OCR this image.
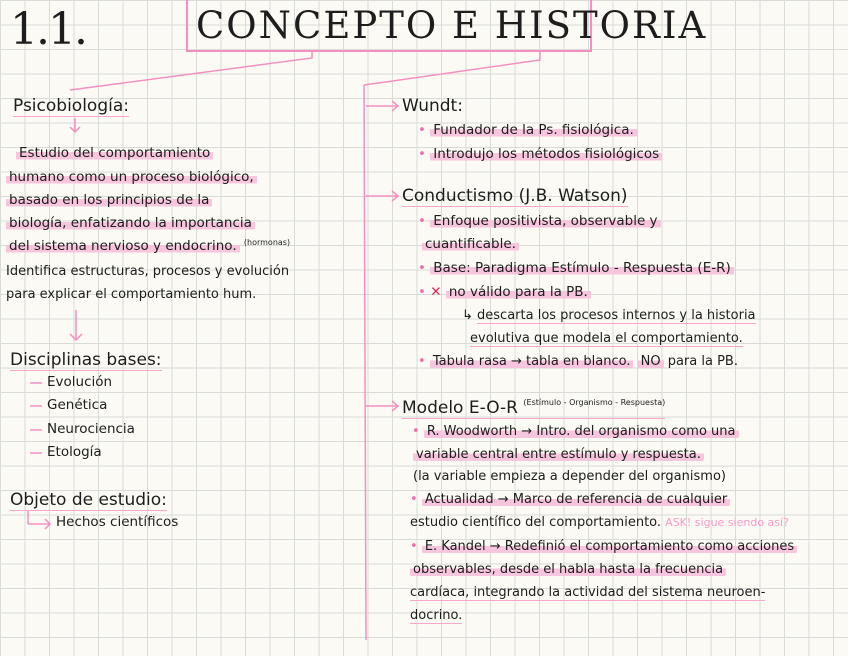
1.1.	CONCEPTO E HISTORIA
Psicobiología:
Estudio del comportamiento
humano como un proceso biológico,
basado en los principios de la
biología, enfatizando la importancia
del sistema nervioso y endocrino. $^{(hormonas)}$
Identifica estructuras, procesos y evolución
para explicar el comportamiento hum.
Disciplinas bases:
Evolución
Genética
Neurociencia
Etología
Objeto de estudio:
Hechos científicos
Wundt:
• Fundador de la Ps. fisiológica.
• Introdujo los métodos fisiológicos
Conductismo (J.B. Watson)
• Enfoque positivista, observable y
cuantificable.
• Base: Paradigma Estímulo - Respuesta (E-R)
• ✕ no válido para la PB.
↳ descarta los procesos internos y la historia
evolutiva que modela el comportamiento.
• Tabula rasa → tabla en blanco. NO para la PB.
Modelo E-O-R $^{(Estímulo - Organismo - Respuesta)}$
• R. Woodworth → Intro. del organismo como una
variable central entre estímulo y respuesta.
(la variable empieza a depender del organismo)
• Actualidad → Marco de referencia de cualquier
estudio científico del comportamiento. ASK! sigue siendo así?
• E. Kandel → Redefinió el comportamiento como acciones
observables, desde el habla hasta la frecuencia
cardíaca, integrando la actividad del sistema neuroen-
docrino.
